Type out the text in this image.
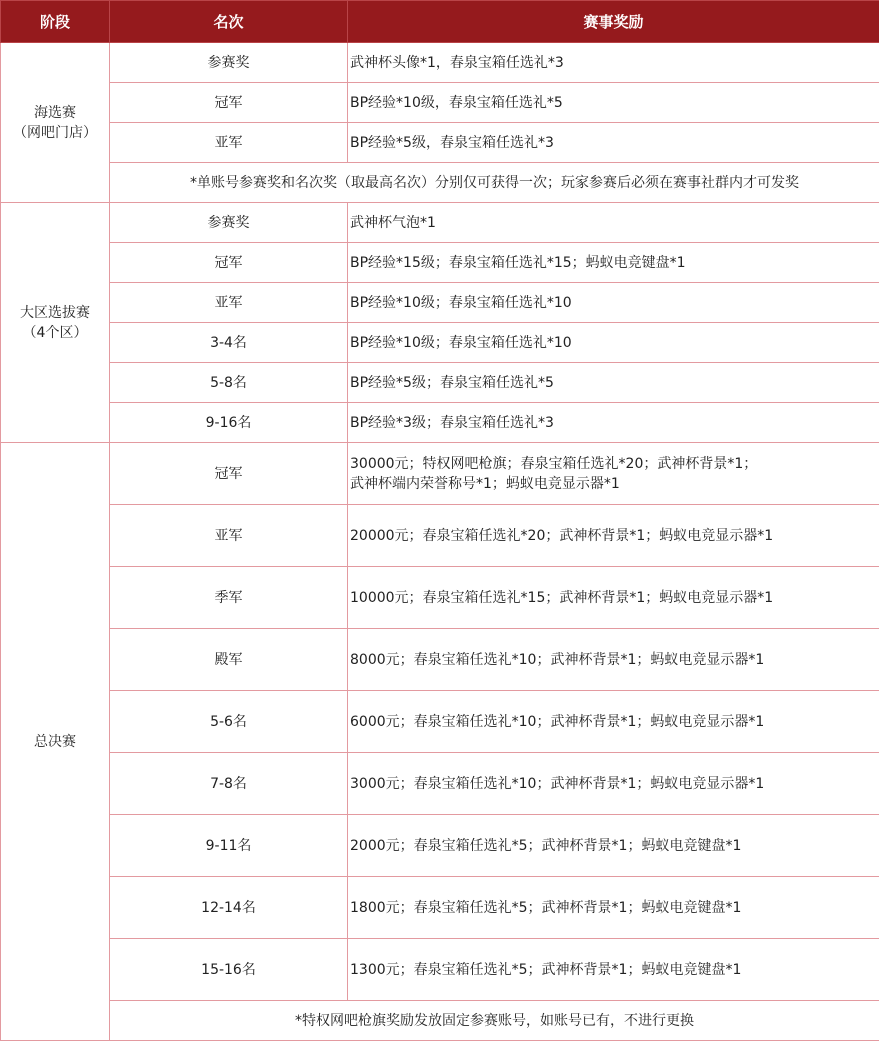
阶段	名次	赛事奖励
海选赛
（网吧门店）	参赛奖	武神杯头像*1，春泉宝箱任选礼*3
	冠军	BP经验*10级，春泉宝箱任选礼*5
	亚军	BP经验*5级，春泉宝箱任选礼*3
	*单账号参赛奖和名次奖（取最高名次）分别仅可获得一次；玩家参赛后必须在赛事社群内才可发奖	
大区选拔赛
（4个区）	参赛奖	武神杯气泡*1
	冠军	BP经验*15级；春泉宝箱任选礼*15；蚂蚁电竞键盘*1
	亚军	BP经验*10级；春泉宝箱任选礼*10
	3-4名	BP经验*10级；春泉宝箱任选礼*10
	5-8名	BP经验*5级；春泉宝箱任选礼*5
	9-16名	BP经验*3级；春泉宝箱任选礼*3
总决赛	冠军	30000元；特权网吧枪旗；春泉宝箱任选礼*20；武神杯背景*1；
武神杯端内荣誉称号*1；蚂蚁电竞显示器*1

	亚军	20000元；春泉宝箱任选礼*20；武神杯背景*1；蚂蚁电竞显示器*1
	季军	10000元；春泉宝箱任选礼*15；武神杯背景*1；蚂蚁电竞显示器*1
	殿军	8000元；春泉宝箱任选礼*10；武神杯背景*1；蚂蚁电竞显示器*1
	5-6名	6000元；春泉宝箱任选礼*10；武神杯背景*1；蚂蚁电竞显示器*1
	7-8名	3000元；春泉宝箱任选礼*10；武神杯背景*1；蚂蚁电竞显示器*1
	9-11名	2000元；春泉宝箱任选礼*5；武神杯背景*1；蚂蚁电竞键盘*1
	12-14名	1800元；春泉宝箱任选礼*5；武神杯背景*1；蚂蚁电竞键盘*1
	15-16名	1300元；春泉宝箱任选礼*5；武神杯背景*1；蚂蚁电竞键盘*1
	*特权网吧枪旗奖励发放固定参赛账号，如账号已有，不进行更换	
